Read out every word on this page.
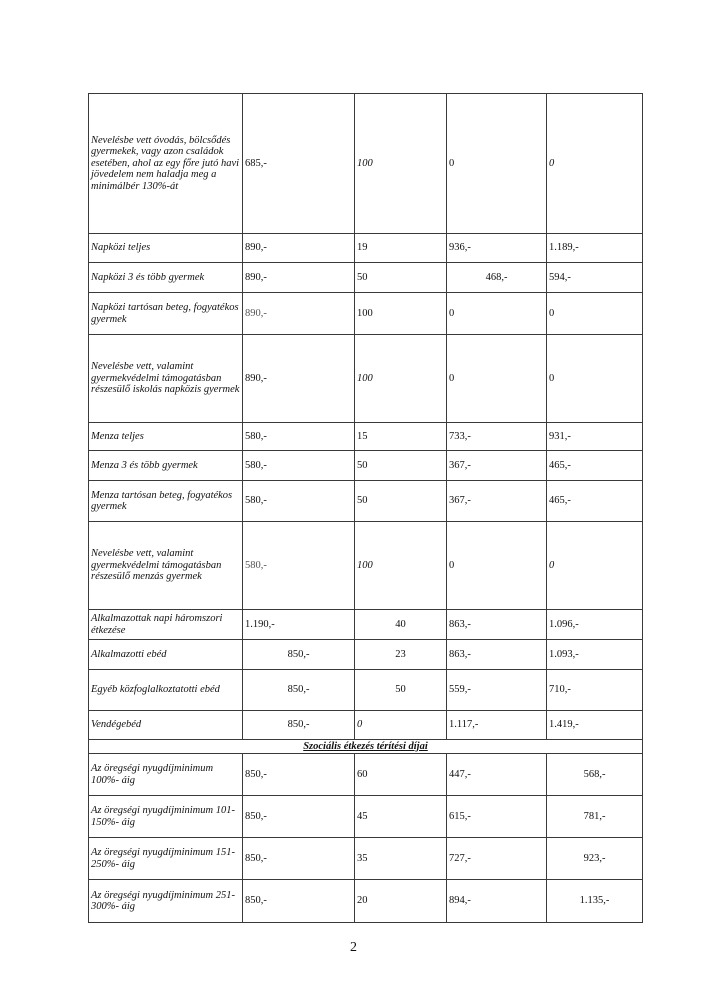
Nevelésbe vett óvodás, bölcsődés gyermekek, vagy azon családok esetében, ahol az egy főre jutó havi jövedelem nem haladja meg a minimálbér 130%-át	685,-	100	0	0
Napközi teljes	890,-	19	936,-	1.189,-
Napközi 3 és több gyermek	890,-	50	468,-	594,-
Napközi tartósan beteg, fogyatékos gyermek	890,-	100	0	0
Nevelésbe vett, valamint gyermekvédelmi támogatásban részesülő iskolás napközis gyermek	890,-	100	0	0
Menza teljes	580,-	15	733,-	931,-
Menza 3 és több gyermek	580,-	50	367,-	465,-
Menza tartósan beteg, fogyatékos gyermek	580,-	50	367,-	465,-
Nevelésbe vett, valamint gyermekvédelmi támogatásban részesülő menzás gyermek	580,-	100	0	0
Alkalmazottak napi háromszori étkezése	1.190,-	40	863,-	1.096,-
Alkalmazotti ebéd	850,-	23	863,-	1.093,-
Egyéb közfoglalkoztatotti ebéd	850,-	50	559,-	710,-
Vendégebéd	850,-	0	1.117,-	1.419,-
Szociális étkezés térítési díjai				
Az öregségi nyugdíjminimum 100%- áig	850,-	60	447,-	568,-
Az öregségi nyugdíjminimum 101-150%- áig	850,-	45	615,-	781,-
Az öregségi nyugdíjminimum 151-250%- áig	850,-	35	727,-	923,-
Az öregségi nyugdíjminimum 251-300%- áig	850,-	20	894,-	1.135,-
2
